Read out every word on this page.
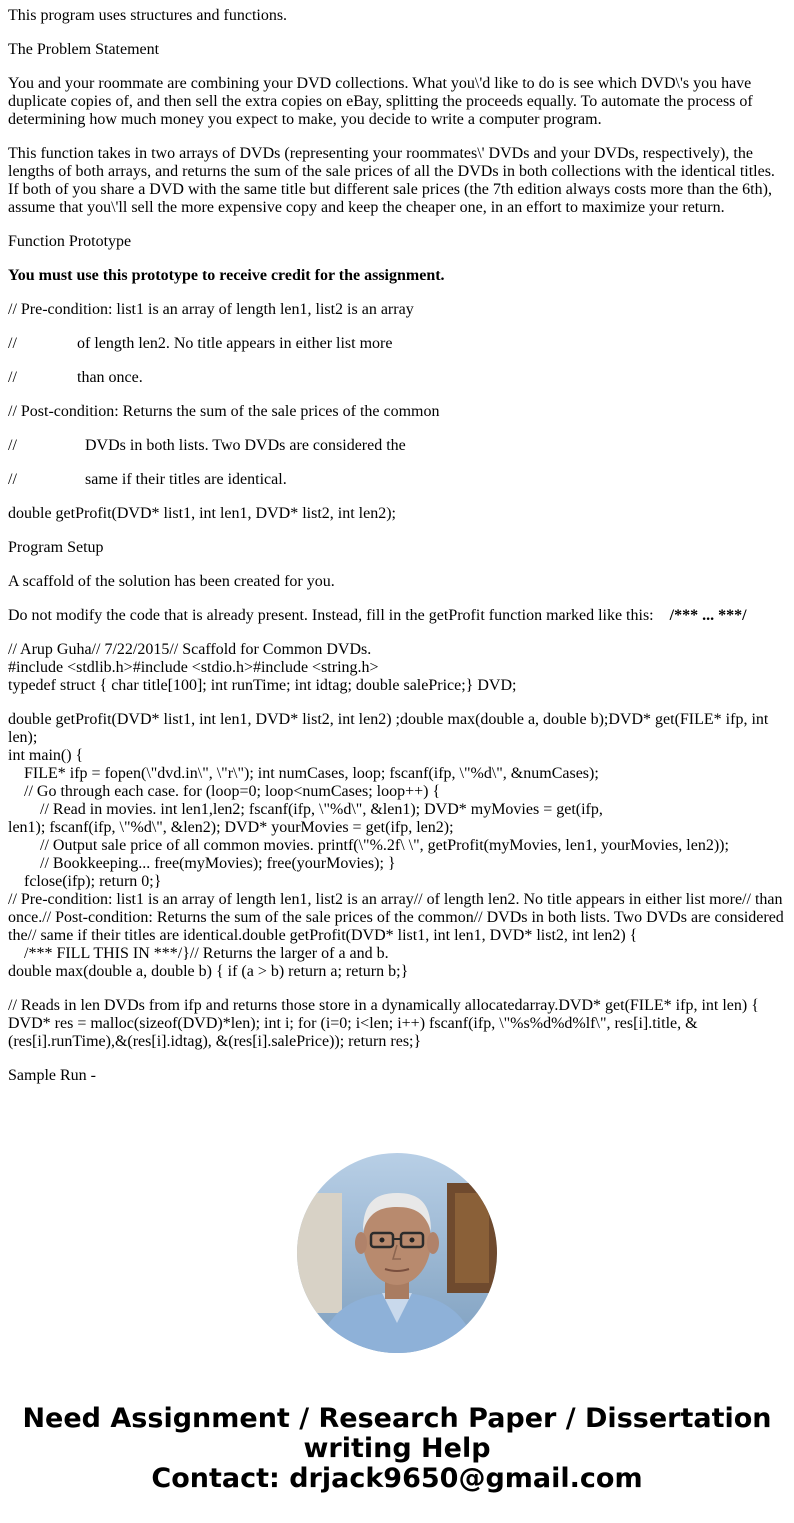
This program uses structures and functions.
The Problem Statement
You and your roommate are combining your DVD collections. What you\'d like to do is see which DVD\'s you have duplicate copies of, and then sell the extra copies on eBay, splitting the proceeds equally. To automate the process of determining how much money you expect to make, you decide to write a computer program.
This function takes in two arrays of DVDs (representing your roommates\' DVDs and your DVDs, respectively), the lengths of both arrays, and returns the sum of the sale prices of all the DVDs in both collections with the identical titles. If both of you share a DVD with the same title but different sale prices (the 7th edition always costs more than the 6th), assume that you\'ll sell the more expensive copy and keep the cheaper one, in an effort to maximize your return.
Function Prototype
You must use this prototype to receive credit for the assignment.
// Pre-condition: list1 is an array of length len1, list2 is an array
//	of length len2. No title appears in either list more
//	than once.
// Post-condition: Returns the sum of the sale prices of the common
//	DVDs in both lists. Two DVDs are considered the
//	same if their titles are identical.
double getProfit(DVD* list1, int len1, DVD* list2, int len2);
Program Setup
A scaffold of the solution has been created for you.
Do not modify the code that is already present. Instead, fill in the getProfit function marked like this: /*** ... ***/
// Arup Guha// 7/22/2015// Scaffold for Common DVDs.
#include <stdlib.h>#include <stdio.h>#include <string.h>
typedef struct { char title[100]; int runTime; int idtag; double salePrice;} DVD;
double getProfit(DVD* list1, int len1, DVD* list2, int len2) ;double max(double a, double b);DVD* get(FILE* ifp, int len);
int main() {
FILE* ifp = fopen(\"dvd.in\", \"r\"); int numCases, loop; fscanf(ifp, \"%d\", &numCases);
// Go through each case. for (loop=0; loop<numCases; loop++) {
// Read in movies. int len1,len2; fscanf(ifp, \"%d\", &len1); DVD* myMovies = get(ifp,
len1); fscanf(ifp, \"%d\", &len2); DVD* yourMovies = get(ifp, len2);
// Output sale price of all common movies. printf(\"%.2f\ \", getProfit(myMovies, len1, yourMovies, len2));
// Bookkeeping... free(myMovies); free(yourMovies); }
fclose(ifp); return 0;}
// Pre-condition: list1 is an array of length len1, list2 is an array// of length len2. No title appears in either list more// than once.// Post-condition: Returns the sum of the sale prices of the common// DVDs in both lists. Two DVDs are considered the// same if their titles are identical.double getProfit(DVD* list1, int len1, DVD* list2, int len2) {
/*** FILL THIS IN ***/}// Returns the larger of a and b.
double max(double a, double b) { if (a > b) return a; return b;}
// Reads in len DVDs from ifp and returns those store in a dynamically allocatedarray.DVD* get(FILE* ifp, int len) { DVD* res = malloc(sizeof(DVD)*len); int i; for (i=0; i<len; i++) fscanf(ifp, \"%s%d%d%lf\", res[i].title, &(res[i].runTime),&(res[i].idtag), &(res[i].salePrice)); return res;}
Sample Run -
Need Assignment / Research Paper / Dissertation writing Help
Contact: drjack9650@gmail.com
